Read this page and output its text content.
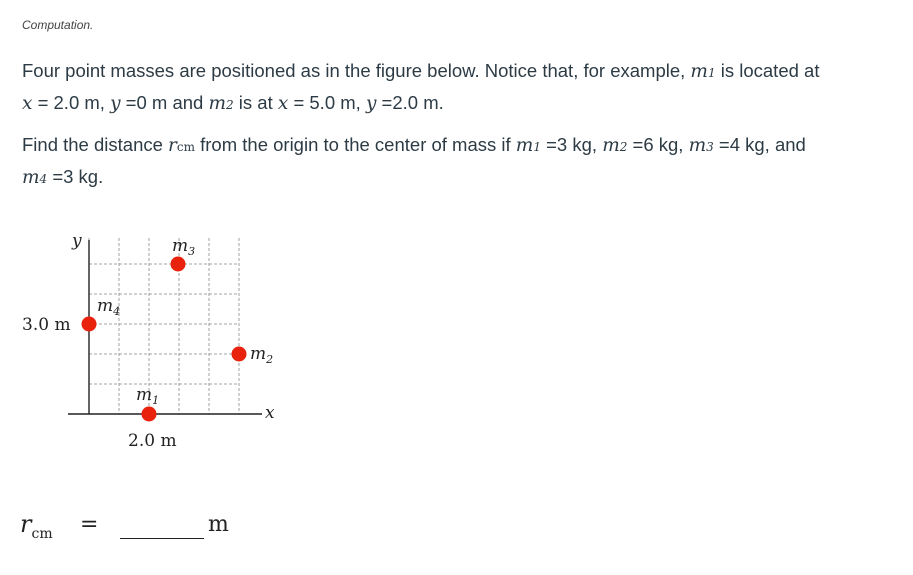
Computation.
Four point masses are positioned as in the figure below. Notice that, for example, m1 is located at
x = 2.0 m, y =0 m and m2 is at x = 5.0 m, y =2.0 m.
Find the distance rcm from the origin to the center of mass if m1 =3 kg, m2 =6 kg, m3 =4 kg, and
m4 =3 kg.
y
x
$m_3$
$m_4$
$m_2$
$m_1$
3.0 m
2.0 m
$r_{cm}$ =	m
